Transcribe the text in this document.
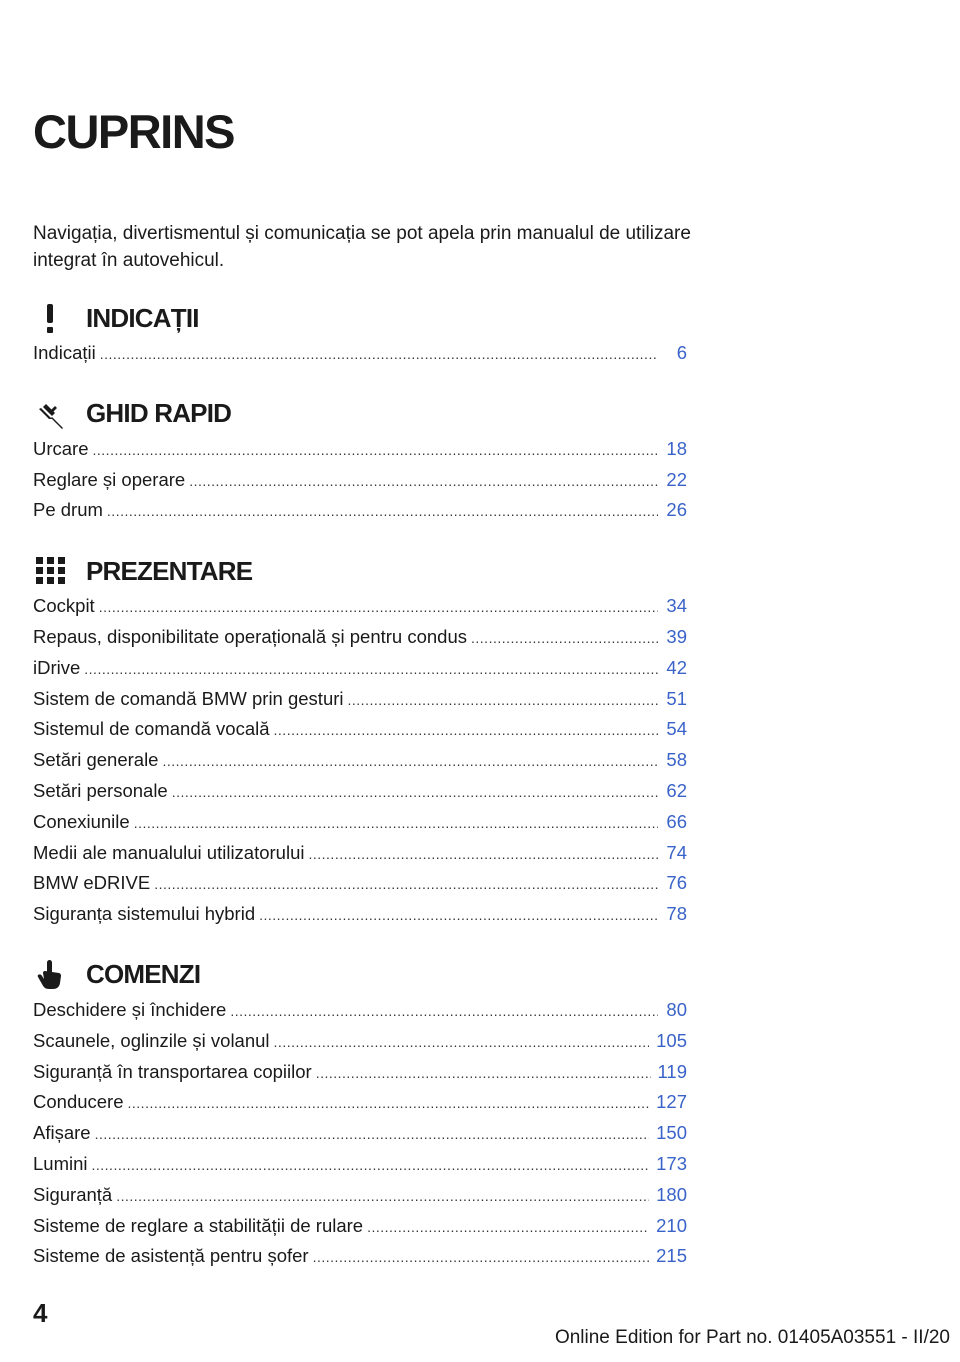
CUPRINS
Navigația, divertismentul și comunicația se pot apela prin manualul de utilizare integrat în autovehicul.
INDICAȚII
Indicații .....	6
GHID RAPID
Urcare .....	18
Reglare și operare .....	22
Pe drum .....	26
PREZENTARE
Cockpit .....	34
Repaus, disponibilitate operațională și pentru condus .....	39
iDrive .....	42
Sistem de comandă BMW prin gesturi .....	51
Sistemul de comandă vocală .....	54
Setări generale .....	58
Setări personale .....	62
Conexiunile .....	66
Medii ale manualului utilizatorului .....	74
BMW eDRIVE .....	76
Siguranța sistemului hybrid .....	78
COMENZI
Deschidere și închidere .....	80
Scaunele, oglinzile și volanul .....	105
Siguranță în transportarea copiilor .....	119
Conducere .....	127
Afișare .....	150
Lumini .....	173
Siguranță .....	180
Sisteme de reglare a stabilității de rulare .....	210
Sisteme de asistență pentru șofer .....	215
4
Online Edition for Part no. 01405A03551 - II/20
